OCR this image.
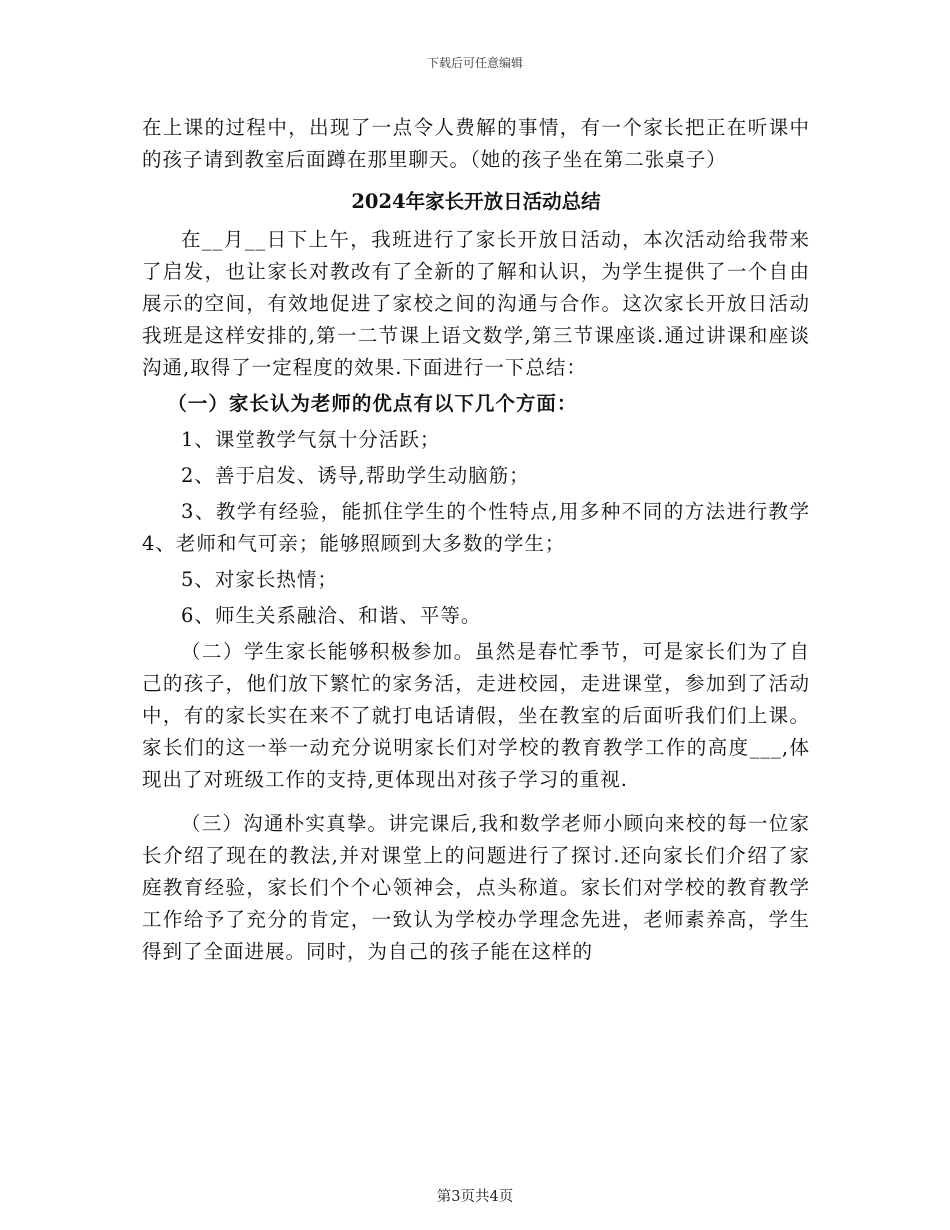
下载后可任意编辑

在上课的过程中，出现了一点令人费解的事情，有一个家长把正在听课中的孩子请到教室后面蹲在那里聊天。（她的孩子坐在第二张桌子）

2024年家长开放日活动总结

在__月__日下上午，我班进行了家长开放日活动，本次活动给我带来了启发，也让家长对教改有了全新的了解和认识，为学生提供了一个自由展示的空间，有效地促进了家校之间的沟通与合作。这次家长开放日活动我班是这样安排的,第一二节课上语文数学,第三节课座谈.通过讲课和座谈沟通,取得了一定程度的效果.下面进行一下总结：

（一）家长认为老师的优点有以下几个方面：

1、课堂教学气氛十分活跃；

2、善于启发、诱导,帮助学生动脑筋；

3、教学有经验，能抓住学生的个性特点,用多种不同的方法进行教学4、老师和气可亲；能够照顾到大多数的学生；

5、对家长热情；

6、师生关系融洽、和谐、平等。

（二）学生家长能够积极参加。虽然是春忙季节，可是家长们为了自己的孩子，他们放下繁忙的家务活，走进校园，走进课堂，参加到了活动中，有的家长实在来不了就打电话请假，坐在教室的后面听我们们上课。家长们的这一举一动充分说明家长们对学校的教育教学工作的高度___,体现出了对班级工作的支持,更体现出对孩子学习的重视.

（三）沟通朴实真挚。讲完课后,我和数学老师小顾向来校的每一位家长介绍了现在的教法,并对课堂上的问题进行了探讨.还向家长们介绍了家庭教育经验，家长们个个心领神会，点头称道。家长们对学校的教育教学工作给予了充分的肯定，一致认为学校办学理念先进，老师素养高，学生得到了全面进展。同时，为自己的孩子能在这样的

第3页共4页
